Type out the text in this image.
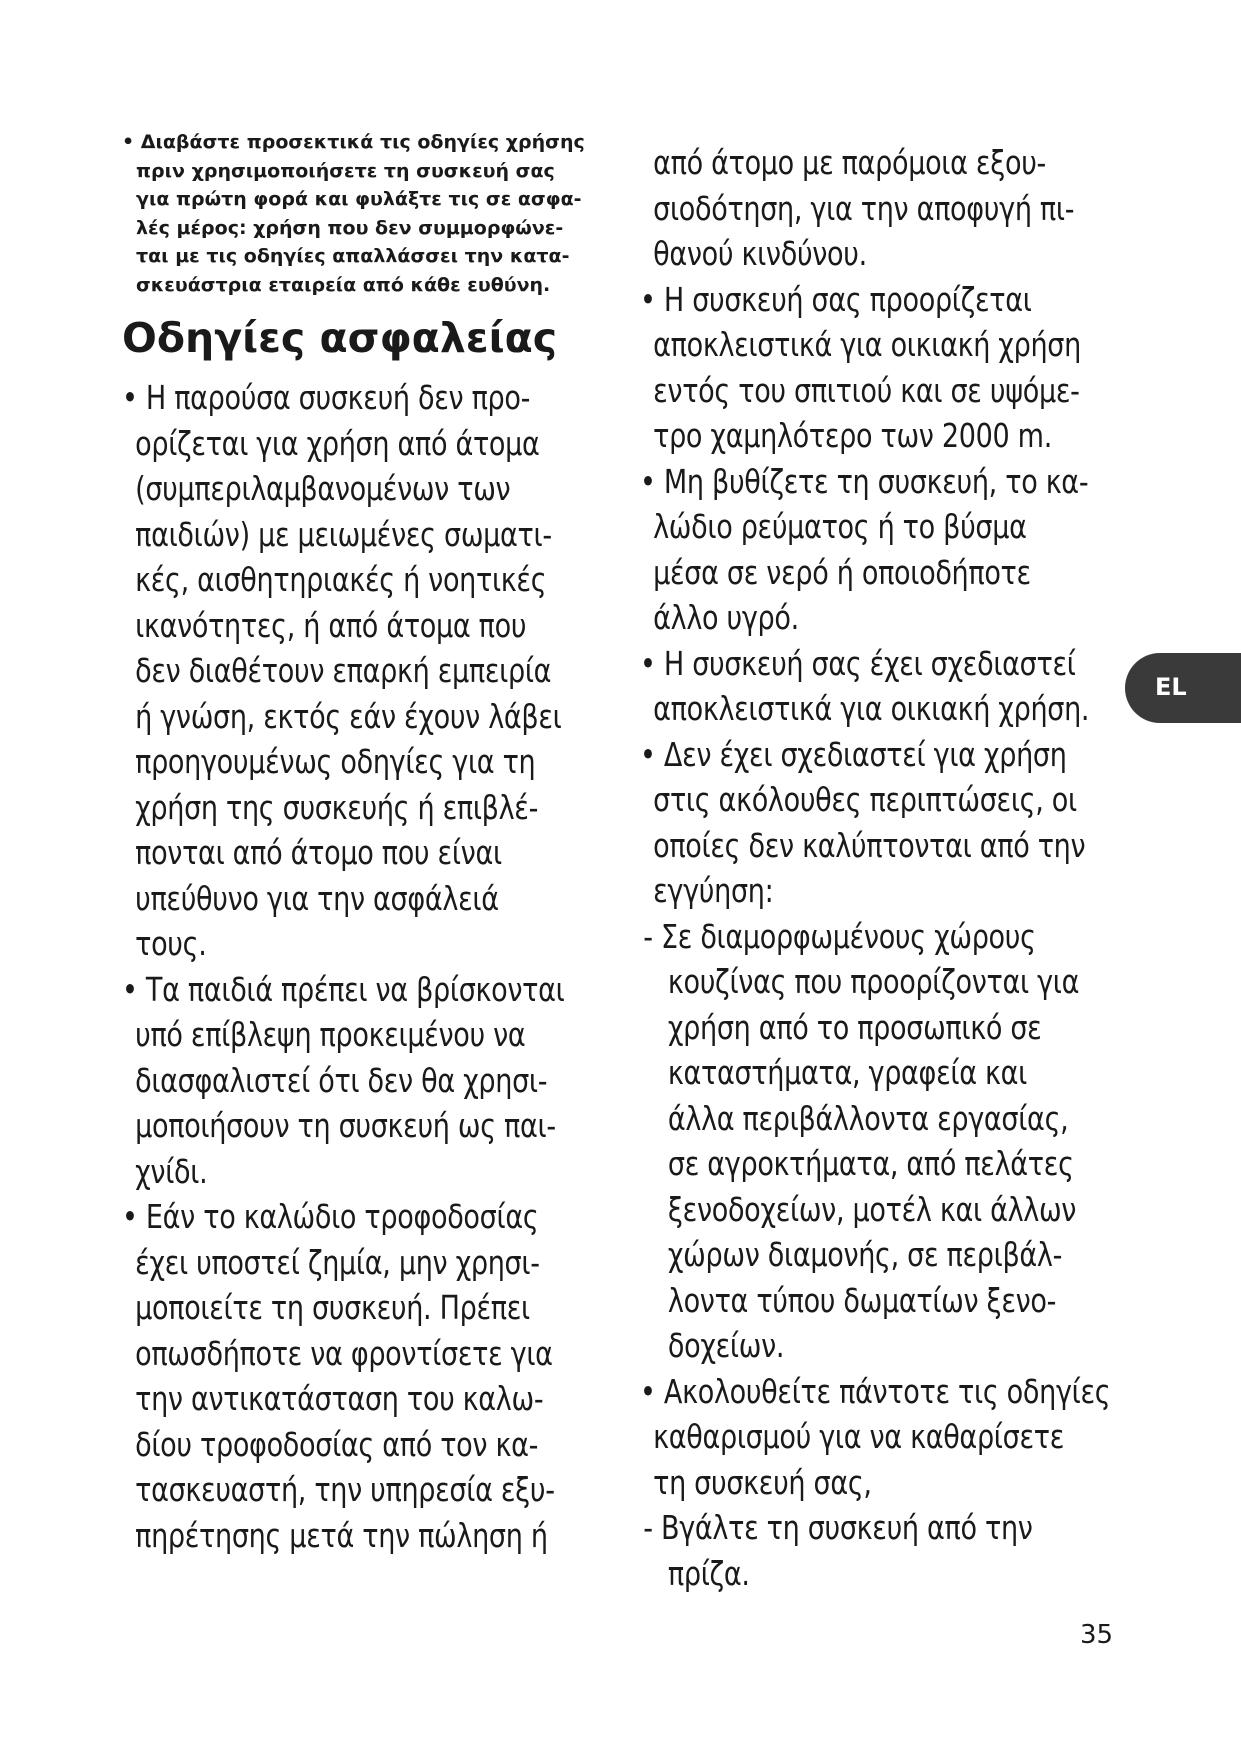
• Διαβάστε προσεκτικά τις οδηγίες χρήσης
πριν χρησιμοποιήσετε τη συσκευή σας
για πρώτη φορά και φυλάξτε τις σε ασφα-
λές μέρος: χρήση που δεν συμμορφώνε-
ται με τις οδηγίες απαλλάσσει την κατα-
σκευάστρια εταιρεία από κάθε ευθύνη.
Οδηγίες ασφαλείας
• Η παρούσα συσκευή δεν προ-
ορίζεται για χρήση από άτομα
(συμπεριλαμβανομένων των
παιδιών) με μειωμένες σωματι-
κές, αισθητηριακές ή νοητικές
ικανότητες, ή από άτομα που
δεν διαθέτουν επαρκή εμπειρία
ή γνώση, εκτός εάν έχουν λάβει
προηγουμένως οδηγίες για τη
χρήση της συσκευής ή επιβλέ-
πονται από άτομο που είναι
υπεύθυνο για την ασφάλειά
τους.
• Τα παιδιά πρέπει να βρίσκονται
υπό επίβλεψη προκειμένου να
διασφαλιστεί ότι δεν θα χρησι-
μοποιήσουν τη συσκευή ως παι-
χνίδι.
• Εάν το καλώδιο τροφοδοσίας
έχει υποστεί ζημία, μην χρησι-
μοποιείτε τη συσκευή. Πρέπει
οπωσδήποτε να φροντίσετε για
την αντικατάσταση του καλω-
δίου τροφοδοσίας από τον κα-
τασκευαστή, την υπηρεσία εξυ-
πηρέτησης μετά την πώληση ή
από άτομο με παρόμοια εξου-
σιοδότηση, για την αποφυγή πι-
θανού κινδύνου.
• Η συσκευή σας προορίζεται
αποκλειστικά για οικιακή χρήση
εντός του σπιτιού και σε υψόμε-
τρο χαμηλότερο των 2000 m.
• Μη βυθίζετε τη συσκευή, το κα-
λώδιο ρεύματος ή το βύσμα
μέσα σε νερό ή οποιοδήποτε
άλλο υγρό.
• Η συσκευή σας έχει σχεδιαστεί
αποκλειστικά για οικιακή χρήση.
• Δεν έχει σχεδιαστεί για χρήση
στις ακόλουθες περιπτώσεις, οι
οποίες δεν καλύπτονται από την
εγγύηση:
- Σε διαμορφωμένους χώρους
κουζίνας που προορίζονται για
χρήση από το προσωπικό σε
καταστήματα, γραφεία και
άλλα περιβάλλοντα εργασίας,
σε αγροκτήματα, από πελάτες
ξενοδοχείων, μοτέλ και άλλων
χώρων διαμονής, σε περιβάλ-
λοντα τύπου δωματίων ξενο-
δοχείων.
• Ακολουθείτε πάντοτε τις οδηγίες
καθαρισμού για να καθαρίσετε
τη συσκευή σας,
- Βγάλτε τη συσκευή από την
πρίζα.
EL
35
